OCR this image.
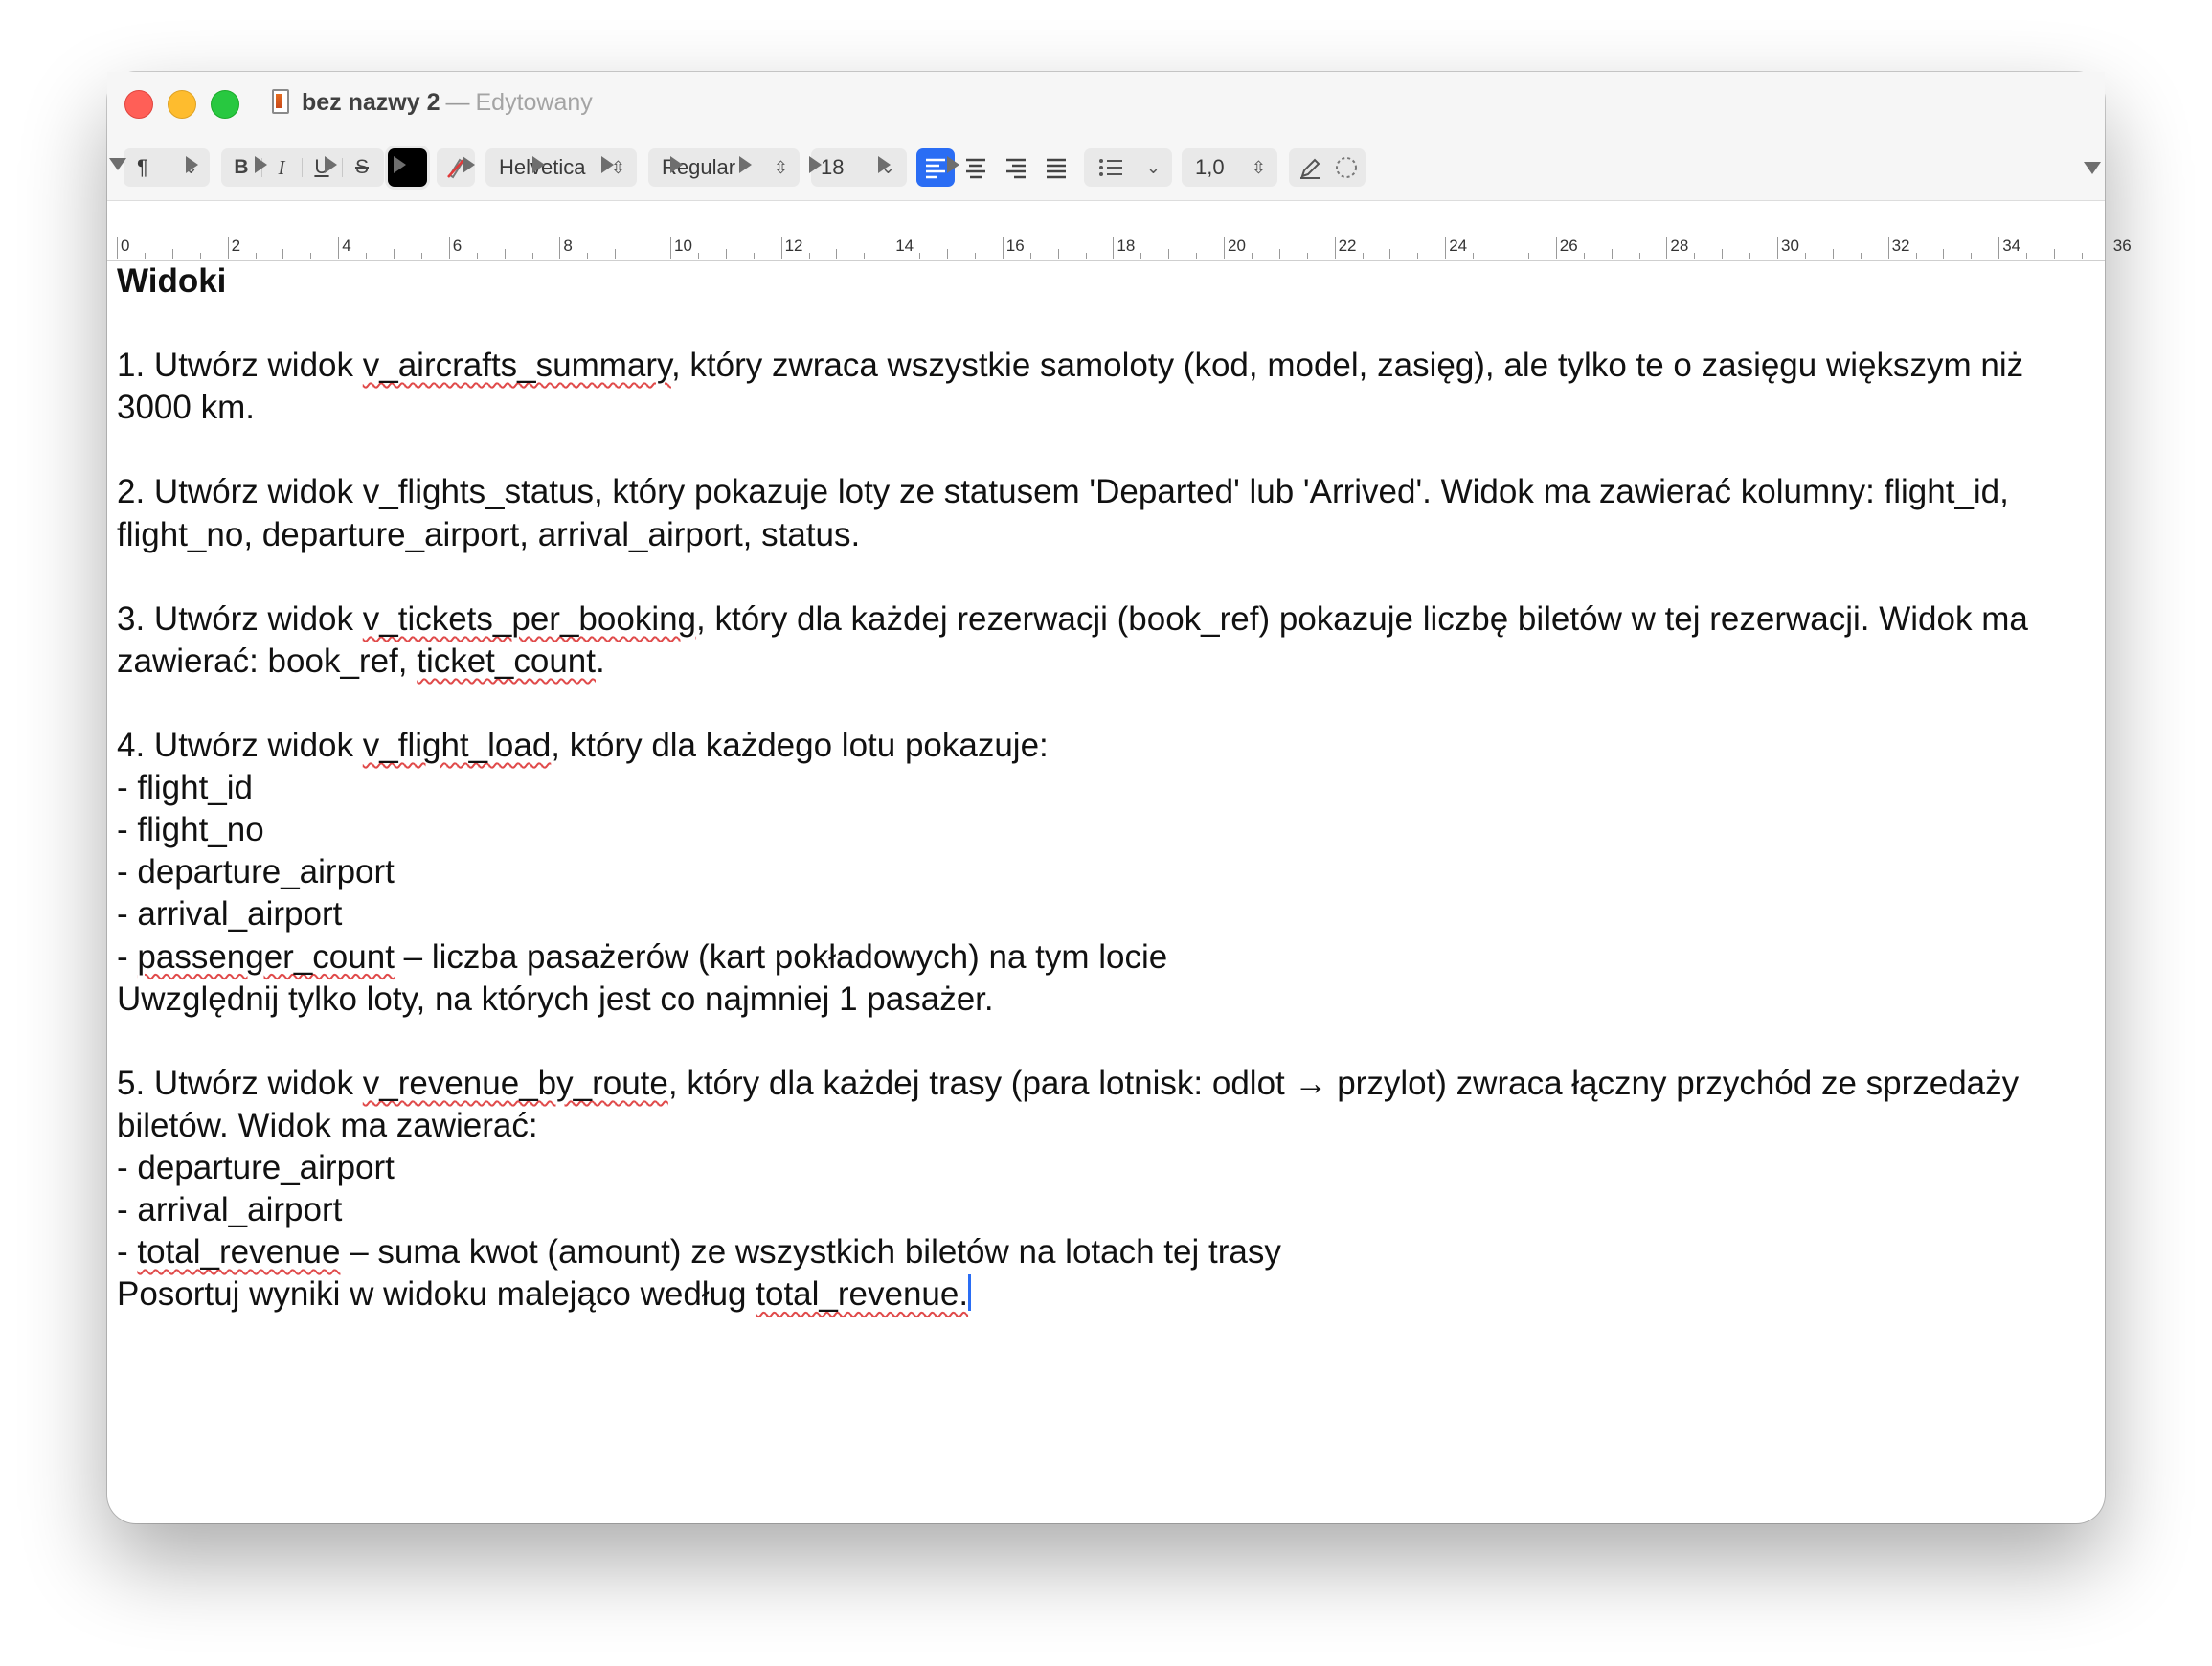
bez nazwy 2 — Edytowany
¶ ⌄	B	I	U	S	Helvetica ⇳ Regular ⇳ 18 ⌄	⌄ 1,0 ⇳
0	2	4	6	8	10	12	14	16	18	20	22	24	26	28	30	32	34	36
Widoki
1. Utwórz widok v_aircrafts_summary, który zwraca wszystkie samoloty (kod, model, zasięg), ale tylko te o zasięgu większym niż
3000 km.
2. Utwórz widok v_flights_status, który pokazuje loty ze statusem 'Departed' lub 'Arrived'. Widok ma zawierać kolumny: flight_id,
flight_no, departure_airport, arrival_airport, status.
3. Utwórz widok v_tickets_per_booking, który dla każdej rezerwacji (book_ref) pokazuje liczbę biletów w tej rezerwacji. Widok ma
zawierać: book_ref, ticket_count.
4. Utwórz widok v_flight_load, który dla każdego lotu pokazuje:
- flight_id
- flight_no
- departure_airport
- arrival_airport
- passenger_count – liczba pasażerów (kart pokładowych) na tym locie
Uwzględnij tylko loty, na których jest co najmniej 1 pasażer.
5. Utwórz widok v_revenue_by_route, który dla każdej trasy (para lotnisk: odlot → przylot) zwraca łączny przychód ze sprzedaży
biletów. Widok ma zawierać:
- departure_airport
- arrival_airport
- total_revenue – suma kwot (amount) ze wszystkich biletów na lotach tej trasy
Posortuj wyniki w widoku malejąco według total_revenue.
